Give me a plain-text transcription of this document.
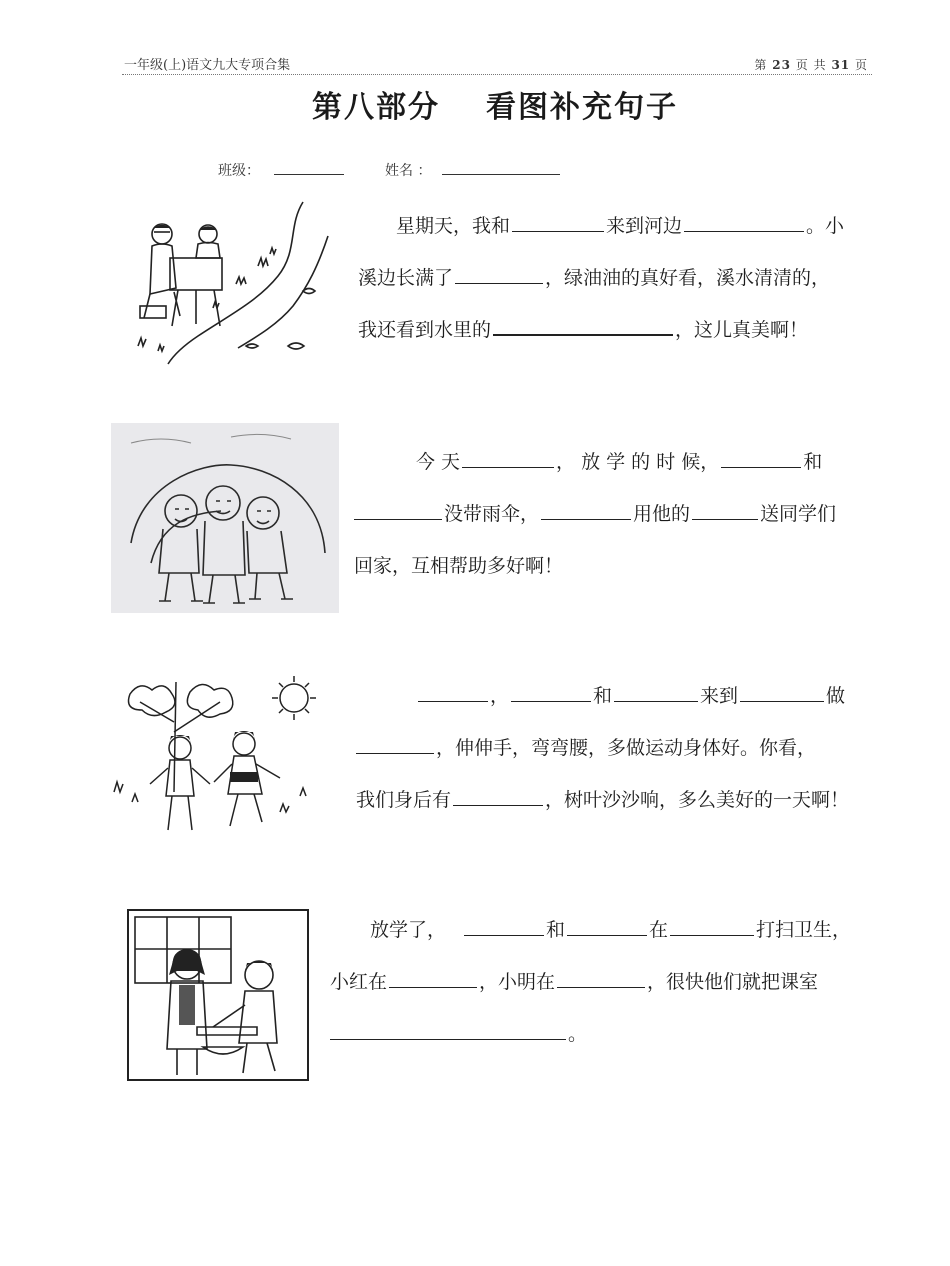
一年级(上)语文九大专项合集	第 23 页 共 31 页
第八部分 看图补充句子
班级：	姓名 ：
星期天，我和	来到河边	。小
溪边长满了	，绿油油的真好看，溪水清清的，
我还看到水里的	，这儿真美啊！
今 天	， 放 学 的 时 候，	和
没带雨伞，	用他的	送同学们
回家，互相帮助多好啊！
，	和	来到	做
，伸伸手，弯弯腰，多做运动身体好。你看，
我们身后有	，树叶沙沙响，多么美好的一天啊！
放学了，	和	在	打扫卫生，
小红在	，小明在	，很快他们就把课室
。
